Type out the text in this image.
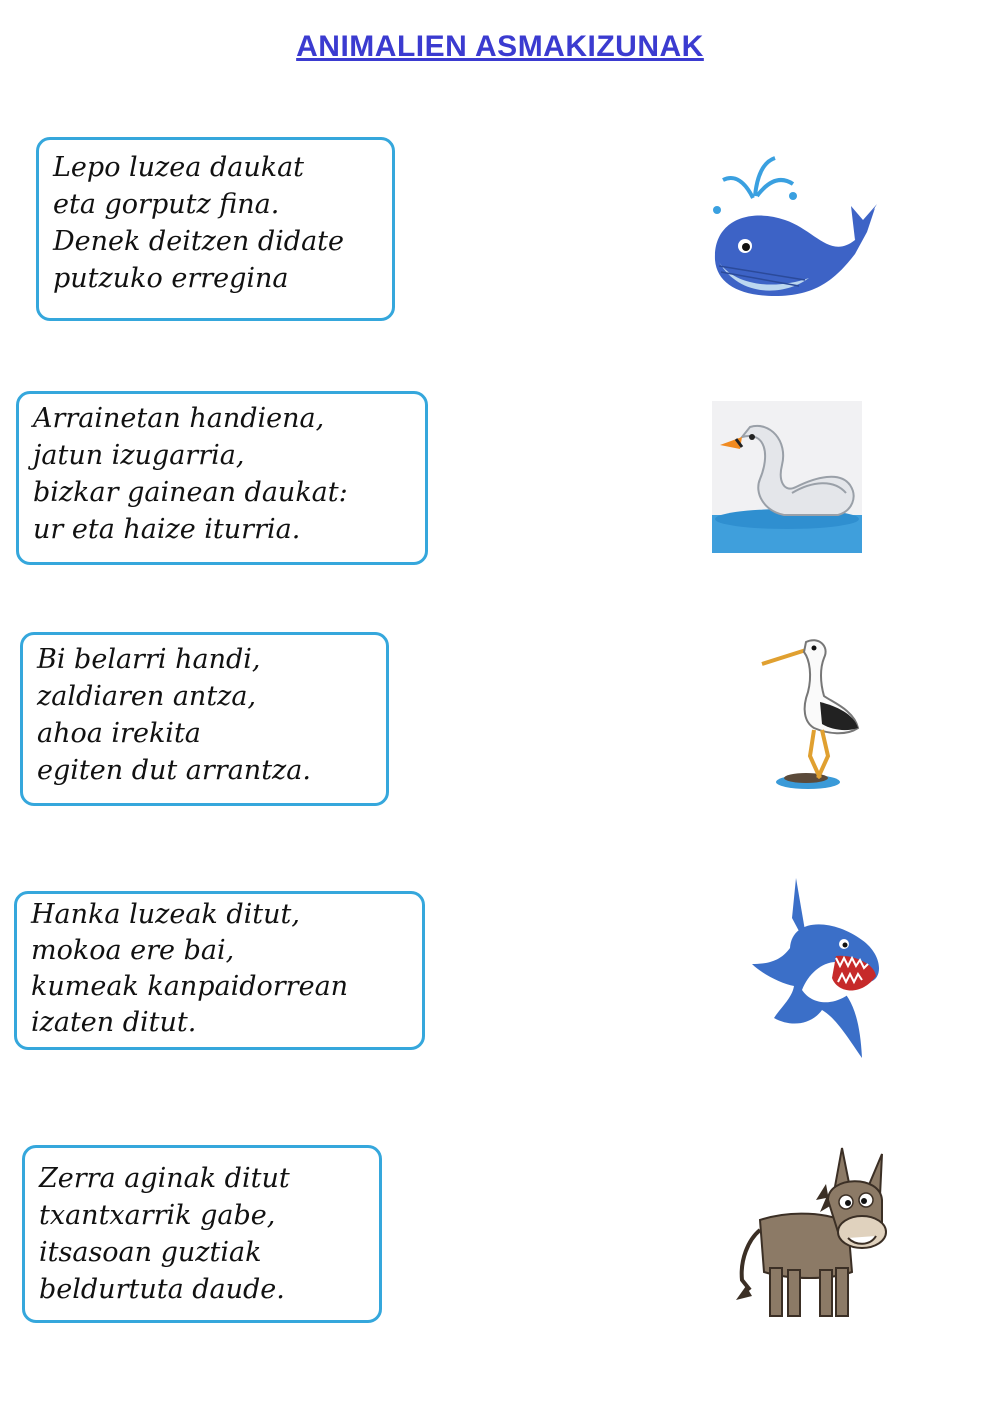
ANIMALIEN ASMAKIZUNAK
Lepo luzea daukat
eta gorputz fina.
Denek deitzen didate
putzuko erregina
Arrainetan handiena,
jatun izugarria,
bizkar gainean daukat:
ur eta haize iturria.
Bi belarri handi,
zaldiaren antza,
ahoa irekita
egiten dut arrantza.
Hanka luzeak ditut,
mokoa ere bai,
kumeak kanpaidorrean
izaten ditut.
Zerra aginak ditut
txantxarrik gabe,
itsasoan guztiak
beldurtuta daude.
